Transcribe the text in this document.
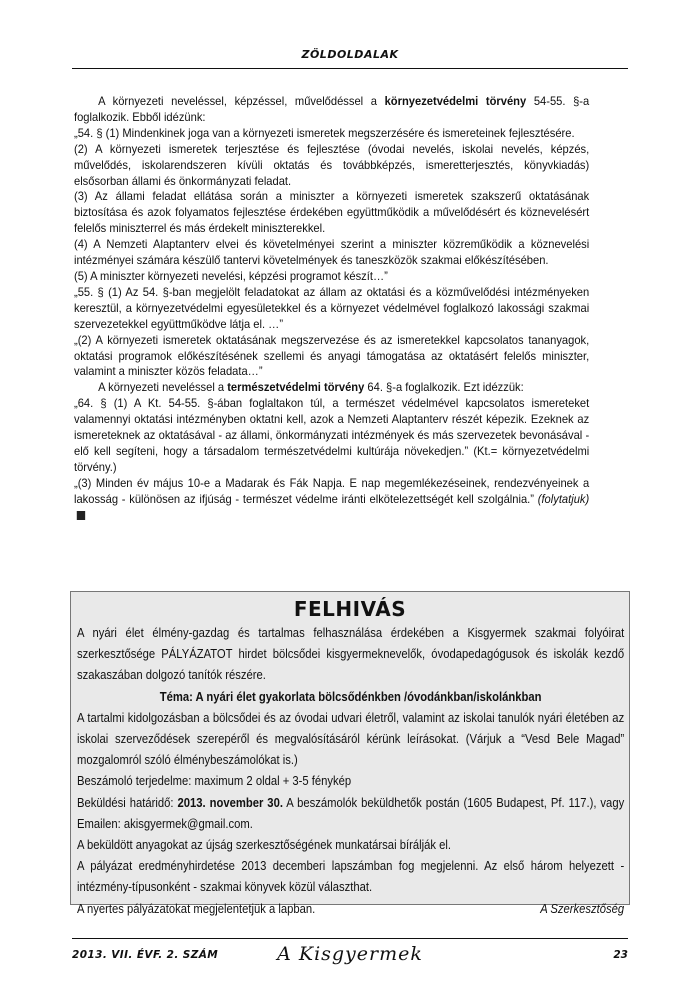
ZÖLDOLDALAK

A környezeti neveléssel, képzéssel, művelődéssel a környezetvédelmi törvény 54-55. §-a foglalkozik. Ebből idézünk:

„54. § (1) Mindenkinek joga van a környezeti ismeretek megszerzésére és ismereteinek fejlesztésére.

(2) A környezeti ismeretek terjesztése és fejlesztése (óvodai nevelés, iskolai nevelés, képzés, művelődés, iskolarendszeren kívüli oktatás és továbbképzés, ismeretterjesztés, könyvkiadás) elsősorban állami és önkormányzati feladat.

(3) Az állami feladat ellátása során a miniszter a környezeti ismeretek szakszerű oktatásának biztosítása és azok folyamatos fejlesztése érdekében együttműködik a művelődésért és köznevelésért felelős miniszterrel és más érdekelt miniszterekkel.

(4) A Nemzeti Alaptanterv elvei és követelményei szerint a miniszter közreműködik a köznevelési intézményei számára készülő tantervi követelmények és taneszközök szakmai előkészítésében.

(5) A miniszter környezeti nevelési, képzési programot készít…”

„55. § (1) Az 54. §-ban megjelölt feladatokat az állam az oktatási és a közművelődési intézményeken keresztül, a környezetvédelmi egyesületekkel és a környezet védelmével foglalkozó lakossági szakmai szervezetekkel együttműködve látja el. …”

„(2) A környezeti ismeretek oktatásának megszervezése és az ismeretekkel kapcsolatos tananyagok, oktatási programok előkészítésének szellemi és anyagi támogatása az oktatásért felelős miniszter, valamint a miniszter közös feladata…”

A környezeti neveléssel a természetvédelmi törvény 64. §-a foglalkozik. Ezt idézzük:

„64. § (1) A Kt. 54-55. §-ában foglaltakon túl, a természet védelmével kapcsolatos ismereteket valamennyi oktatási intézményben oktatni kell, azok a Nemzeti Alaptanterv részét képezik. Ezeknek az ismereteknek az oktatásával - az állami, önkormányzati intézmények és más szervezetek bevonásával - elő kell segíteni, hogy a társadalom természetvédelmi kultúrája növekedjen.” (Kt.= környezetvédelmi törvény.)

„(3) Minden év május 10-e a Madarak és Fák Napja. E nap megemlékezéseinek, rendezvényeinek a lakosság - különösen az ifjúság - természet védelme iránti elkötelezettségét kell szolgálnia.” (folytatjuk)

FELHIVÁS

A nyári élet élmény-gazdag és tartalmas felhasználása érdekében a Kisgyermek szakmai folyóirat szerkesztősége PÁLYÁZATOT hirdet bölcsődei kisgyermeknevelők, óvodapedagógusok és iskolák kezdő szakaszában dolgozó tanítók részére.

Téma: A nyári élet gyakorlata bölcsődénkben /óvodánkban/iskolánkban

A tartalmi kidolgozásban a bölcsődei és az óvodai udvari életről, valamint az iskolai tanulók nyári életében az iskolai szerveződések szerepéről és megvalósításáról kérünk leírásokat. (Várjuk a “Vesd Bele Magad” mozgalomról szóló élménybeszámolókat is.)

Beszámoló terjedelme: maximum 2 oldal + 3-5 fénykép

Beküldési határidő: 2013. november 30. A beszámolók beküldhetők postán (1605 Budapest, Pf. 117.), vagy Emailen: akisgyermek@gmail.com.

A beküldött anyagokat az újság szerkesztőségének munkatársai bírálják el.

A pályázat eredményhirdetése 2013 decemberi lapszámban fog megjelenni. Az első három helyezett - intézmény-típusonként - szakmai könyvek közül választhat.

A nyertes pályázatokat megjelentetjük a lapban.	A Szerkesztőség

2013. VII. ÉVF. 2. SZÁM	A Kisgyermek	23
